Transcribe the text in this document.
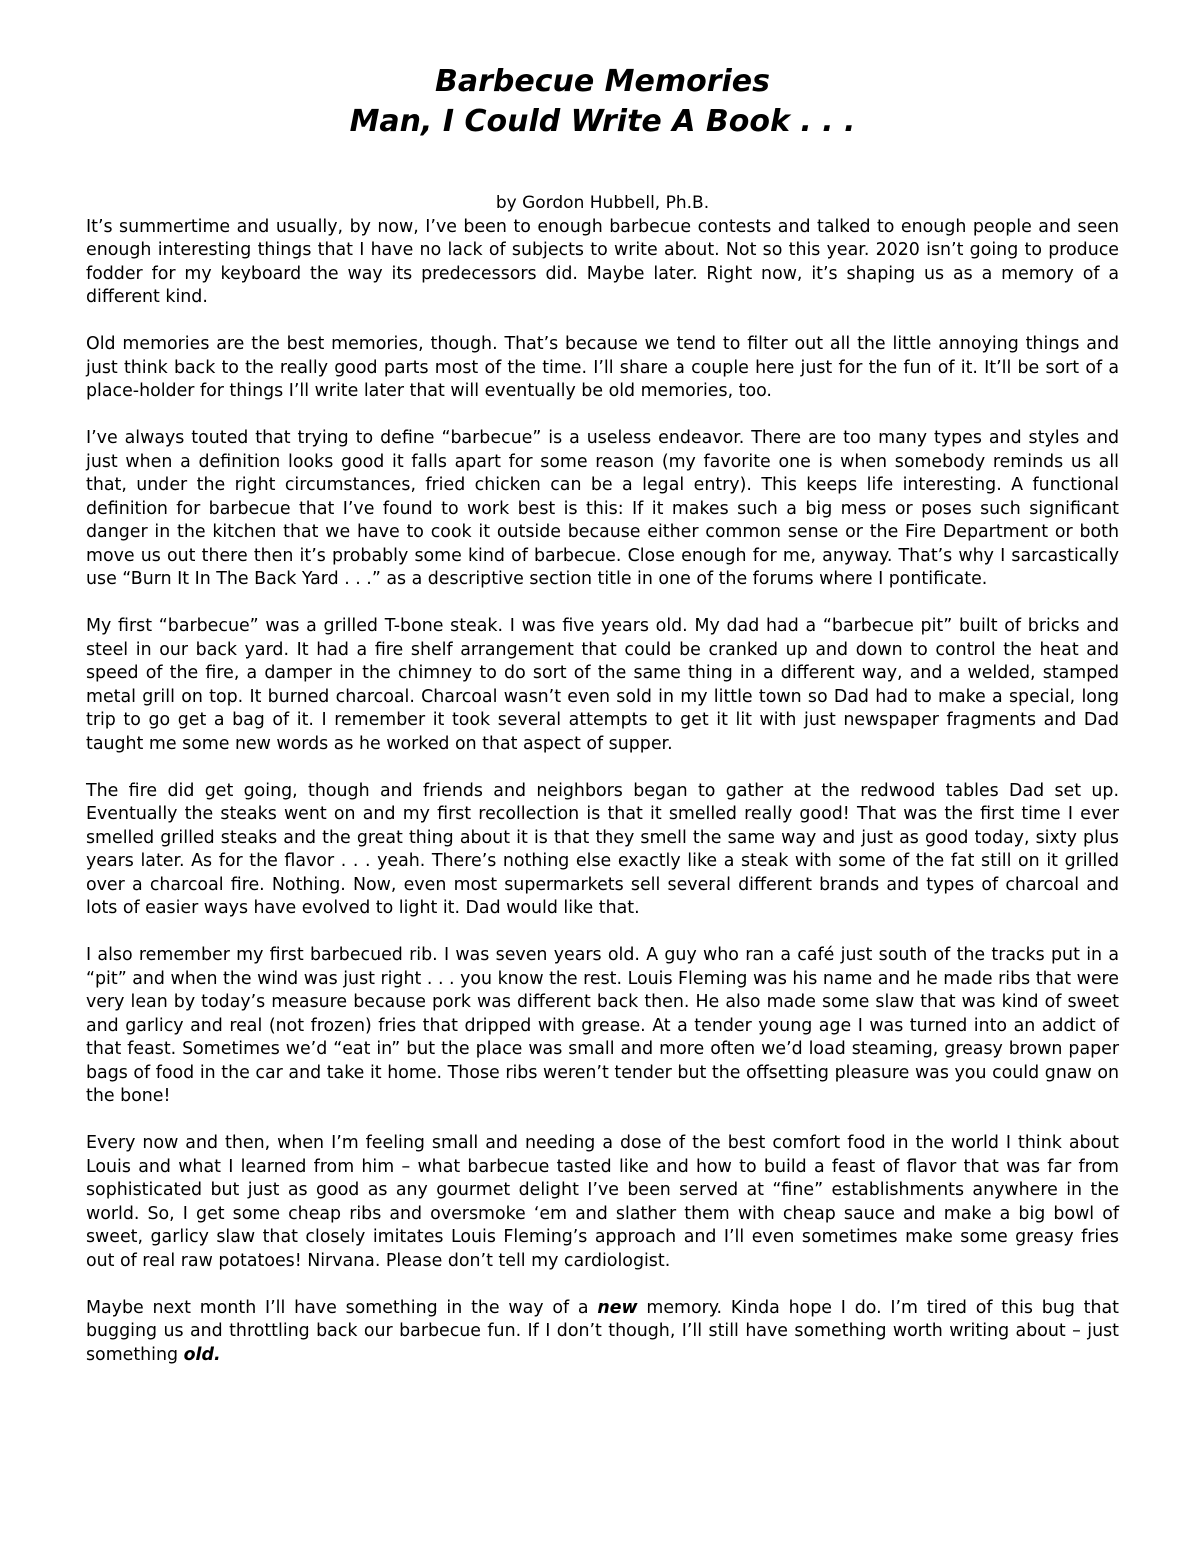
Barbecue Memories
Man, I Could Write A Book . . .

by Gordon Hubbell, Ph.B.

It’s summertime and usually, by now, I’ve been to enough barbecue contests and talked to enough people and seen enough interesting things that I have no lack of subjects to write about. Not so this year. 2020 isn’t going to produce fodder for my keyboard the way its predecessors did. Maybe later. Right now, it’s shaping us as a memory of a different kind.

Old memories are the best memories, though. That’s because we tend to filter out all the little annoying things and just think back to the really good parts most of the time. I’ll share a couple here just for the fun of it. It’ll be sort of a place-holder for things I’ll write later that will eventually be old memories, too.

I’ve always touted that trying to define “barbecue” is a useless endeavor. There are too many types and styles and just when a definition looks good it falls apart for some reason (my favorite one is when somebody reminds us all that, under the right circumstances, fried chicken can be a legal entry). This keeps life interesting. A functional definition for barbecue that I’ve found to work best is this: If it makes such a big mess or poses such significant danger in the kitchen that we have to cook it outside because either common sense or the Fire Department or both move us out there then it’s probably some kind of barbecue. Close enough for me, anyway. That’s why I sarcastically use “Burn It In The Back Yard . . .” as a descriptive section title in one of the forums where I pontificate.

My first “barbecue” was a grilled T-bone steak. I was five years old. My dad had a “barbecue pit” built of bricks and steel in our back yard. It had a fire shelf arrangement that could be cranked up and down to control the heat and speed of the fire, a damper in the chimney to do sort of the same thing in a different way, and a welded, stamped metal grill on top. It burned charcoal. Charcoal wasn’t even sold in my little town so Dad had to make a special, long trip to go get a bag of it. I remember it took several attempts to get it lit with just newspaper fragments and Dad taught me some new words as he worked on that aspect of supper.

The fire did get going, though and friends and neighbors began to gather at the redwood tables Dad set up. Eventually the steaks went on and my first recollection is that it smelled really good! That was the first time I ever smelled grilled steaks and the great thing about it is that they smell the same way and just as good today, sixty plus years later. As for the flavor . . . yeah. There’s nothing else exactly like a steak with some of the fat still on it grilled over a charcoal fire. Nothing. Now, even most supermarkets sell several different brands and types of charcoal and lots of easier ways have evolved to light it. Dad would like that.

I also remember my first barbecued rib. I was seven years old. A guy who ran a café just south of the tracks put in a “pit” and when the wind was just right . . . you know the rest. Louis Fleming was his name and he made ribs that were very lean by today’s measure because pork was different back then. He also made some slaw that was kind of sweet and garlicy and real (not frozen) fries that dripped with grease. At a tender young age I was turned into an addict of that feast. Sometimes we’d “eat in” but the place was small and more often we’d load steaming, greasy brown paper bags of food in the car and take it home. Those ribs weren’t tender but the offsetting pleasure was you could gnaw on the bone!

Every now and then, when I’m feeling small and needing a dose of the best comfort food in the world I think about Louis and what I learned from him – what barbecue tasted like and how to build a feast of flavor that was far from sophisticated but just as good as any gourmet delight I’ve been served at “fine” establishments anywhere in the world. So, I get some cheap ribs and oversmoke ‘em and slather them with cheap sauce and make a big bowl of sweet, garlicy slaw that closely imitates Louis Fleming’s approach and I’ll even sometimes make some greasy fries out of real raw potatoes! Nirvana. Please don’t tell my cardiologist.

Maybe next month I’ll have something in the way of a new memory. Kinda hope I do. I’m tired of this bug that bugging us and throttling back our barbecue fun. If I don’t though, I’ll still have something worth writing about – just something old.
